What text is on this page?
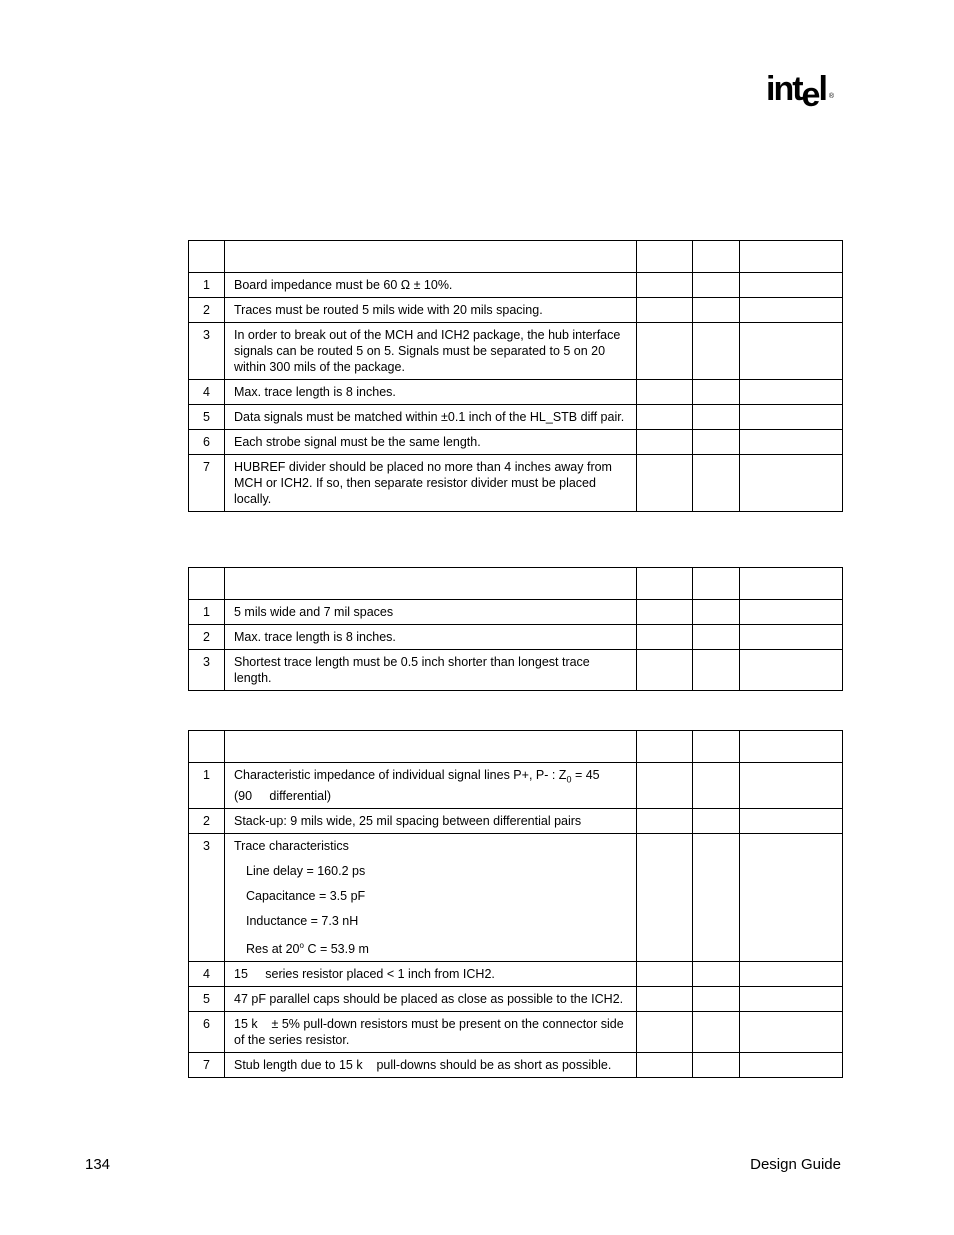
intel ®

1	Board impedance must be 60 Ω ± 10%.			
2	Traces must be routed 5 mils wide with 20 mils spacing.			
3	In order to break out of the MCH and ICH2 package, the hub interface signals can be routed 5 on 5. Signals must be separated to 5 on 20 within 300 mils of the package.			
4	Max. trace length is 8 inches.			
5	Data signals must be matched within ±0.1 inch of the HL_STB diff pair.			
6	Each strobe signal must be the same length.			
7	HUBREF divider should be placed no more than 4 inches away from MCH or ICH2. If so, then separate resistor divider must be placed locally.			

1	5 mils wide and 7 mil spaces			
2	Max. trace length is 8 inches.			
3	Shortest trace length must be 0.5 inch shorter than longest trace length.			

1	Characteristic impedance of individual signal lines P+, P- : $Z_0 = 45$
(90     differential)			
2	Stack-up: 9 mils wide, 25 mil spacing between differential pairs			
3	Trace characteristics
Line delay = 160.2 ps
Capacitance = 3.5 pF
Inductance = 7.3 nH
Res at 20$^o$ C = 53.9 m			

4	15     series resistor placed < 1 inch from ICH2.			
5	47 pF parallel caps should be placed as close as possible to the ICH2.			
6	15 k    ± 5% pull-down resistors must be present on the connector side of the series resistor.			
7	Stub length due to 15 k    pull-downs should be as short as possible.			
134	Design Guide
